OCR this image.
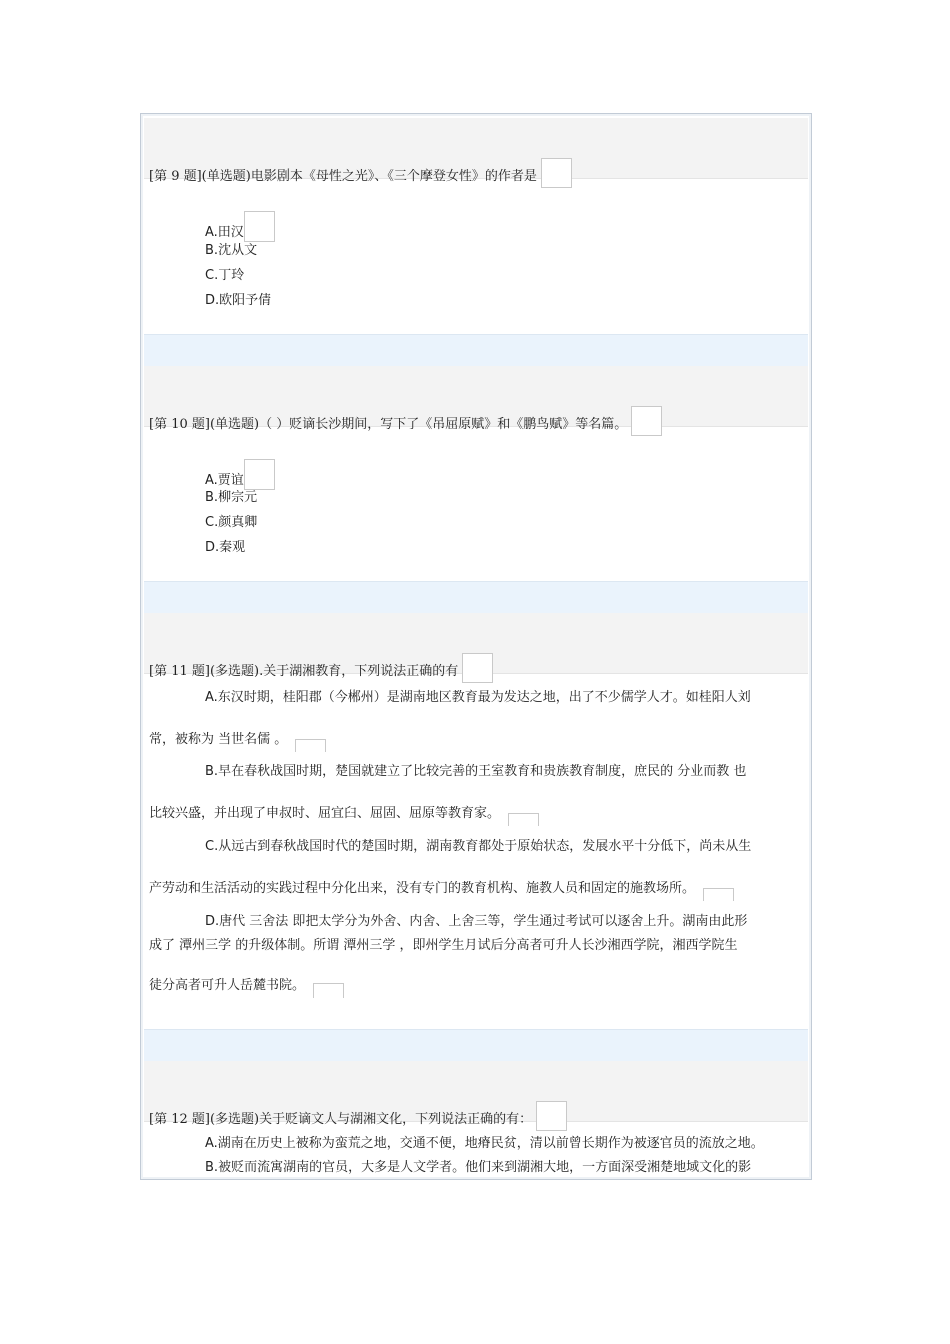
[第 9 题](单选题)电影剧本《母性之光》、《三个摩登女性》的作者是
A.田汉
B.沈从文
C.丁玲
D.欧阳予倩
[第 10 题](单选题)（ ）贬谪长沙期间，写下了《吊屈原赋》和《鹏鸟赋》等名篇。
A.贾谊
B.柳宗元
C.颜真卿
D.秦观
[第 11 题](多选题).关于湖湘教育，下列说法正确的有
A.东汉时期，桂阳郡（今郴州）是湖南地区教育最为发达之地，出了不少儒学人才。如桂阳人刘
常，被称为 当世名儒 。
B.早在春秋战国时期，楚国就建立了比较完善的王室教育和贵族教育制度，庶民的 分业而教 也
比较兴盛，并出现了申叔时、屈宜臼、屈固、屈原等教育家。
C.从远古到春秋战国时代的楚国时期，湖南教育都处于原始状态，发展水平十分低下，尚未从生
产劳动和生活活动的实践过程中分化出来，没有专门的教育机构、施教人员和固定的施教场所。
D.唐代 三舍法 即把太学分为外舍、内舍、上舍三等，学生通过考试可以逐舍上升。湖南由此形
成了 潭州三学 的升级体制。所谓 潭州三学 ，即州学生月试后分高者可升人长沙湘西学院，湘西学院生
徒分高者可升人岳麓书院。
[第 12 题](多选题)关于贬谪文人与湖湘文化，下列说法正确的有：
A.湖南在历史上被称为蛮荒之地，交通不便，地瘠民贫，清以前曾长期作为被逐官员的流放之地。
B.被贬而流寓湖南的官员，大多是人文学者。他们来到湖湘大地，一方面深受湘楚地域文化的影
